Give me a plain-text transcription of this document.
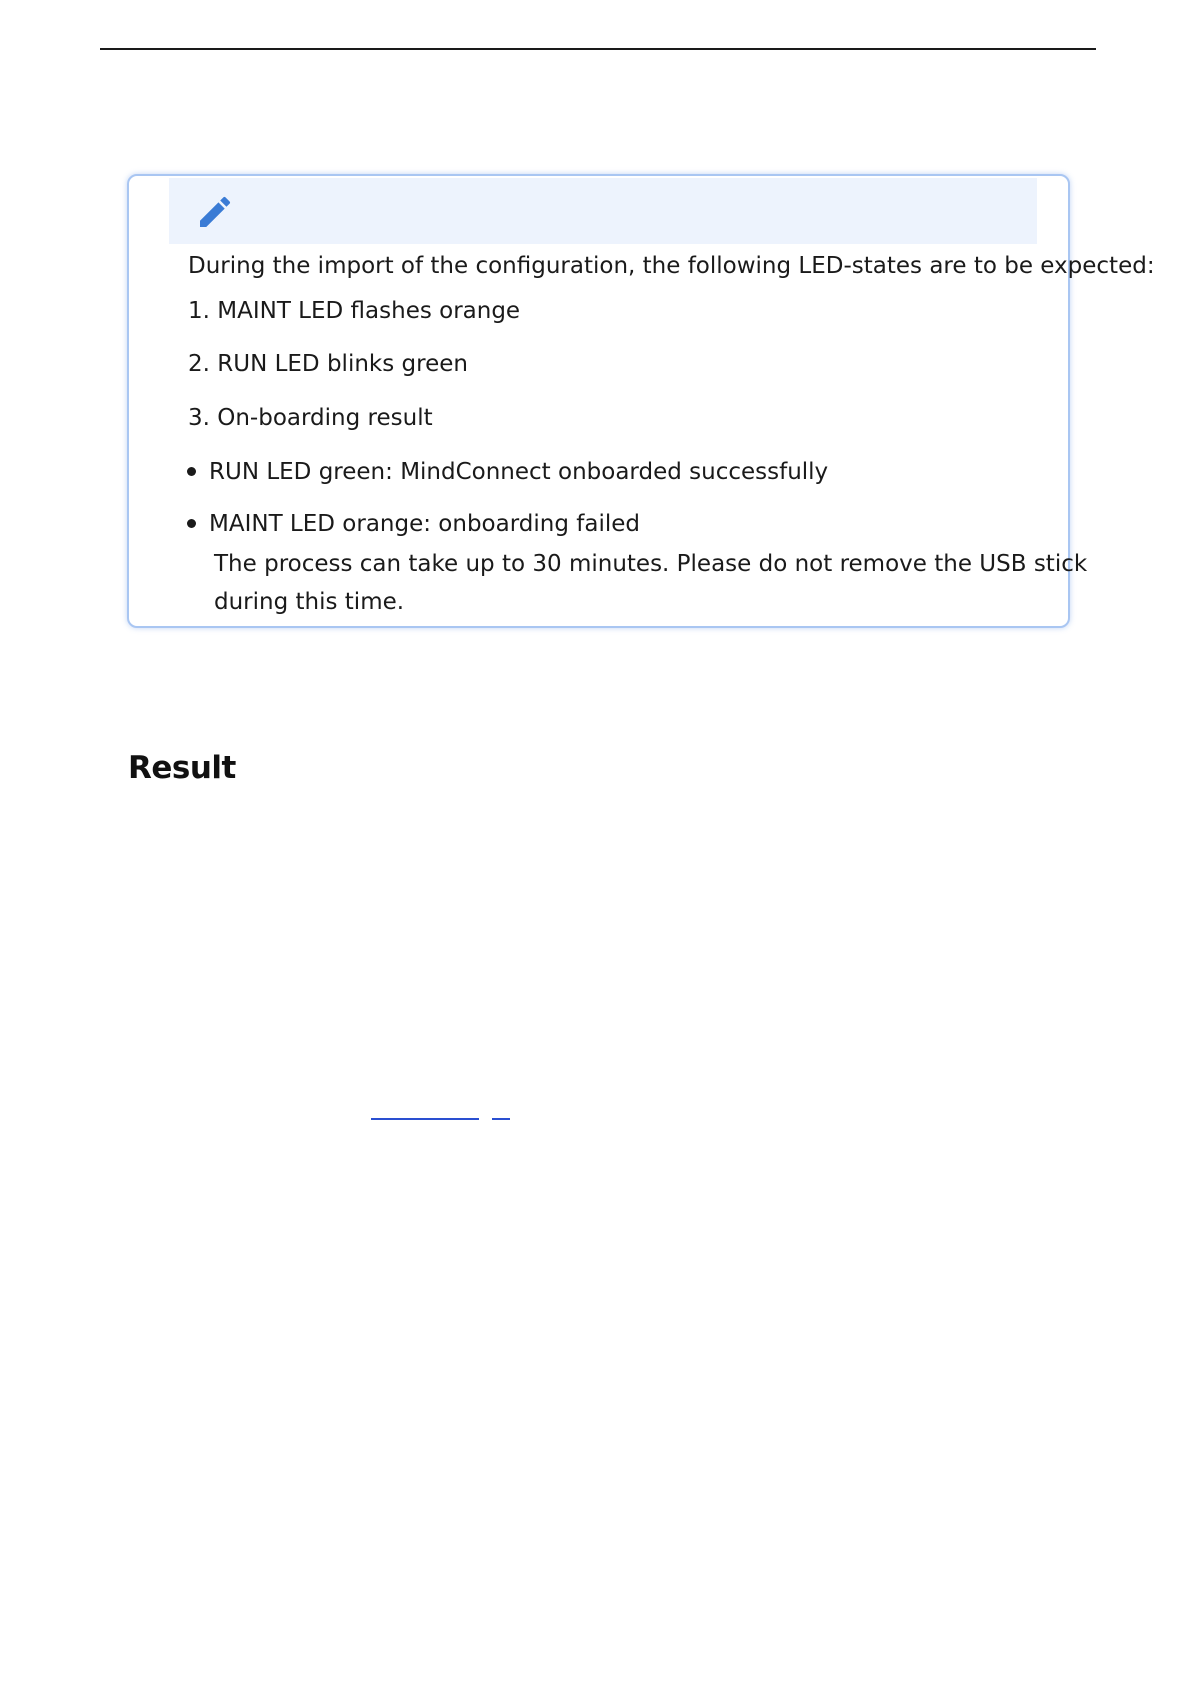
During the import of the configuration, the following LED-states are to be expected:

1. MAINT LED flashes orange

2. RUN LED blinks green

3. On-boarding result

RUN LED green: MindConnect onboarded successfully

MAINT LED orange: onboarding failed

The process can take up to 30 minutes. Please do not remove the USB stick

during this time.

Result
